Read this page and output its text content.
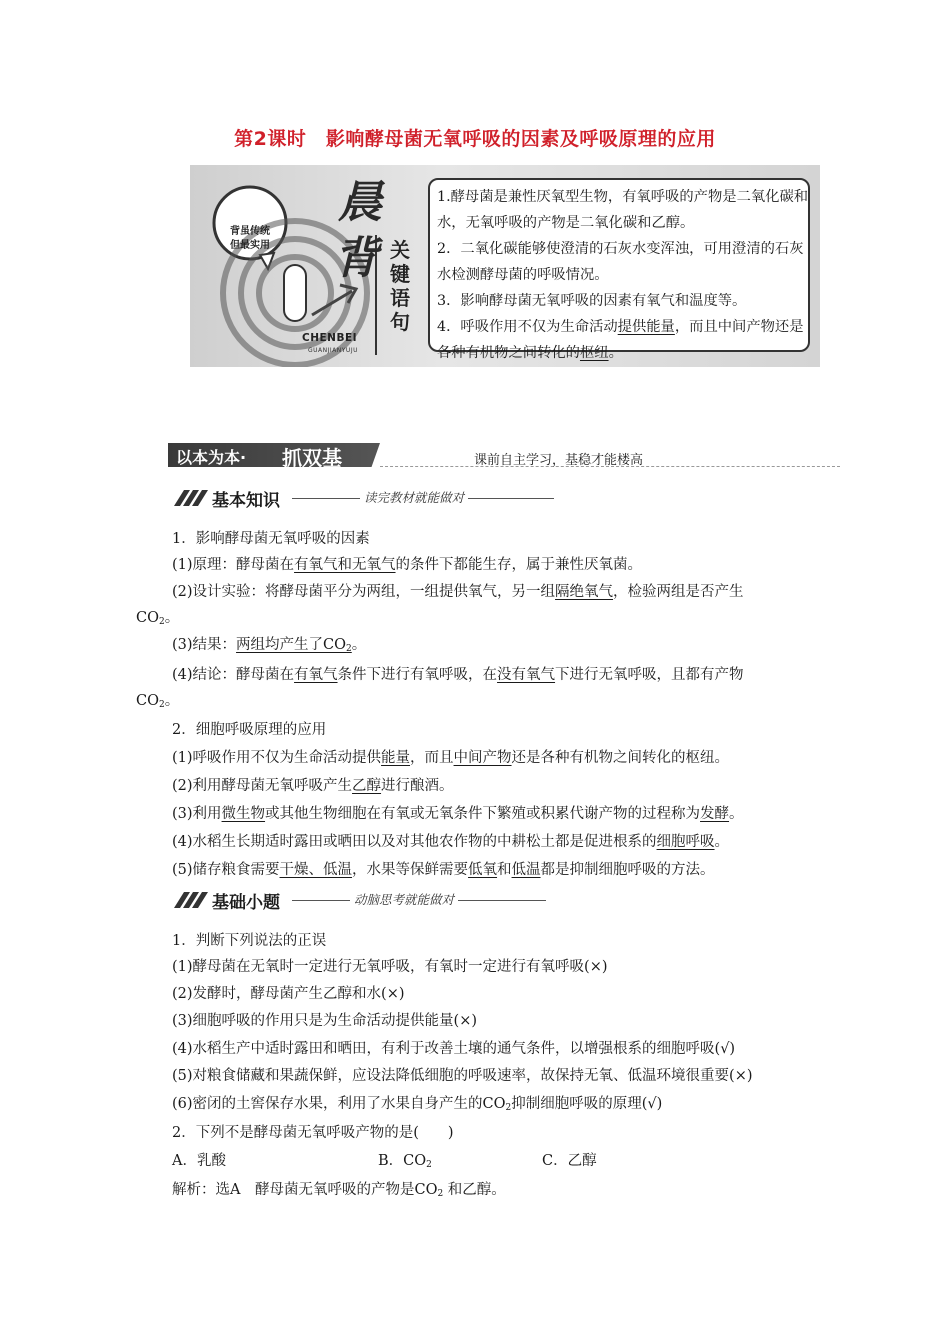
第2课时　影响酵母菌无氧呼吸的因素及呼吸原理的应用
背虽传统
但最实用
晨
背 关
键
语
句
CHENBEI
GUANJIANYUJU

1.酵母菌是兼性厌氧型生物，有氧呼吸的产物是二氧化碳和水，无氧呼吸的产物是二氧化碳和乙醇。

2．二氧化碳能够使澄清的石灰水变浑浊，可用澄清的石灰水检测酵母菌的呼吸情况。

3．影响酵母菌无氧呼吸的因素有氧气和温度等。

4．呼吸作用不仅为生命活动提供能量，而且中间产物还是各种有机物之间转化的枢纽。

以本为本· 抓双基	课前自主学习，基稳才能楼高
基本知识	读完教材就能做对
1．影响酵母菌无氧呼吸的因素
(1)原理：酵母菌在有氧气和无氧气的条件下都能生存，属于兼性厌氧菌。
(2)设计实验：将酵母菌平分为两组，一组提供氧气，另一组隔绝氧气，检验两组是否产生
$CO_2$。
(3)结果：两组均产生了$CO_2$。
(4)结论：酵母菌在有氧气条件下进行有氧呼吸，在没有氧气下进行无氧呼吸，且都有产物
$CO_2$。
2．细胞呼吸原理的应用
(1)呼吸作用不仅为生命活动提供能量，而且中间产物还是各种有机物之间转化的枢纽。
(2)利用酵母菌无氧呼吸产生乙醇进行酿酒。
(3)利用微生物或其他生物细胞在有氧或无氧条件下繁殖或积累代谢产物的过程称为发酵。
(4)水稻生长期适时露田或晒田以及对其他农作物的中耕松土都是促进根系的细胞呼吸。
(5)储存粮食需要干燥、低温，水果等保鲜需要低氧和低温都是抑制细胞呼吸的方法。
基础小题	动脑思考就能做对
1．判断下列说法的正误
(1)酵母菌在无氧时一定进行无氧呼吸，有氧时一定进行有氧呼吸(×)
(2)发酵时，酵母菌产生乙醇和水(×)
(3)细胞呼吸的作用只是为生命活动提供能量(×)
(4)水稻生产中适时露田和晒田，有利于改善土壤的通气条件，以增强根系的细胞呼吸(√)
(5)对粮食储藏和果蔬保鲜，应设法降低细胞的呼吸速率，故保持无氧、低温环境很重要(×)
(6)密闭的土窖保存水果，利用了水果自身产生的$CO_2$抑制细胞呼吸的原理(√)
2．下列不是酵母菌无氧呼吸产物的是(　　)
A．乳酸	B．$CO_2$	C．乙醇
解析：选A　酵母菌无氧呼吸的产物是$CO_2$ 和乙醇。
